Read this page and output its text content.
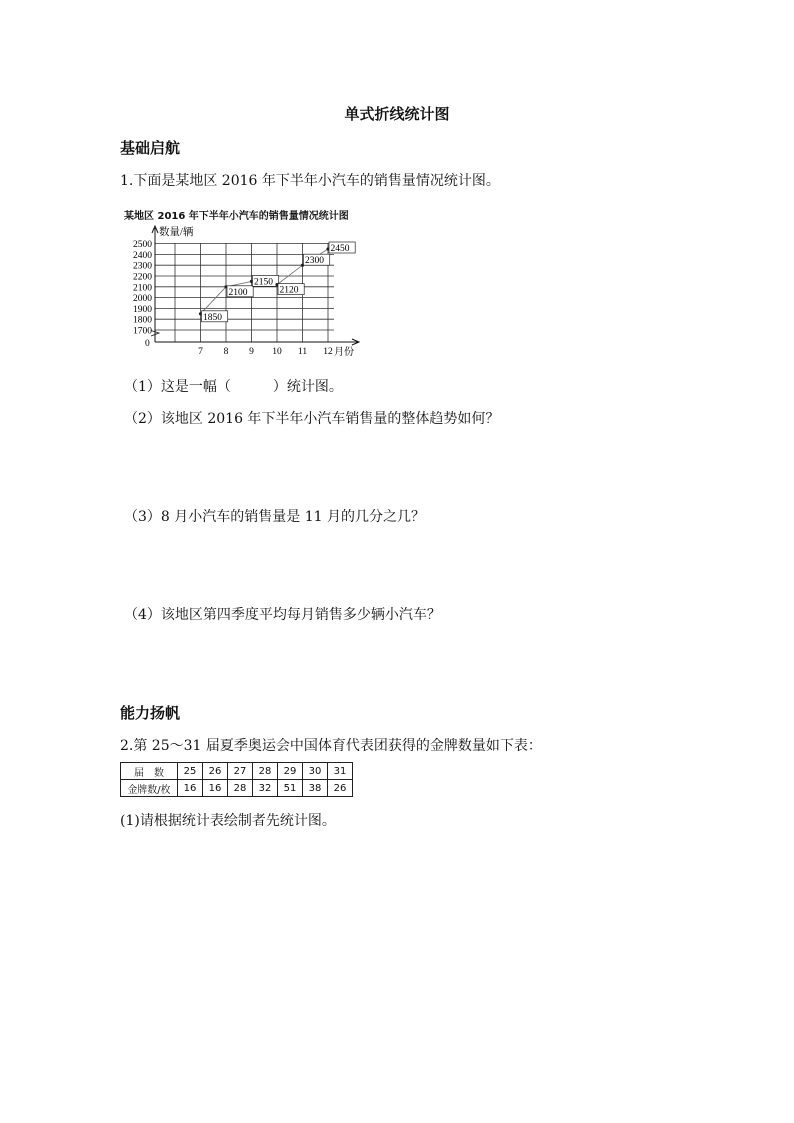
单式折线统计图
基础启航
1.下面是某地区 2016 年下半年小汽车的销售量情况统计图。
某地区 2016 年下半年小汽车的销售量情况统计图
2500
2400
2300
2200
2100
2000
1900
1800
1700
0
数量/辆
月份
7 8 9 10 11 12
1850
2100
2150
2120
2300
2450
（1）这是一幅（　　　）统计图。
（2）该地区 2016 年下半年小汽车销售量的整体趋势如何？
（3）8 月小汽车的销售量是 11 月的几分之几？
（4）该地区第四季度平均每月销售多少辆小汽车？
能力扬帆
2.第 25～31 届夏季奥运会中国体育代表团获得的金牌数量如下表：
届　数	25	26	27	28	29	30	31
金牌数/枚	16	16	28	32	51	38	26
(1)请根据统计表绘制者先统计图。
